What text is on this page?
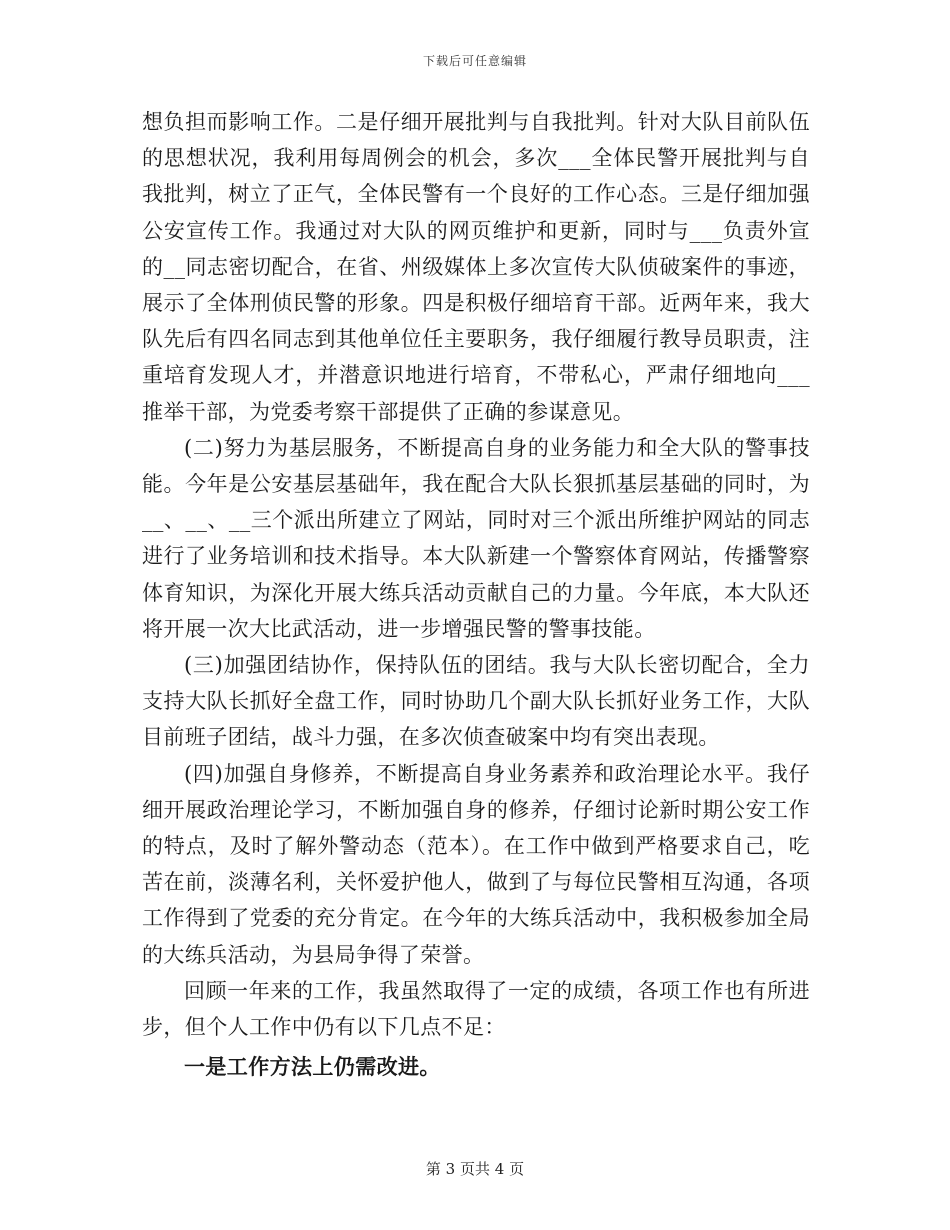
下载后可任意编辑

想负担而影响工作。二是仔细开展批判与自我批判。针对大队目前队伍的思想状况，我利用每周例会的机会，多次___全体民警开展批判与自我批判，树立了正气，全体民警有一个良好的工作心态。三是仔细加强公安宣传工作。我通过对大队的网页维护和更新，同时与___负责外宣的__同志密切配合，在省、州级媒体上多次宣传大队侦破案件的事迹，展示了全体刑侦民警的形象。四是积极仔细培育干部。近两年来，我大队先后有四名同志到其他单位任主要职务，我仔细履行教导员职责，注重培育发现人才，并潜意识地进行培育，不带私心，严肃仔细地向___推举干部，为党委考察干部提供了正确的参谋意见。

(二)努力为基层服务，不断提高自身的业务能力和全大队的警事技能。今年是公安基层基础年，我在配合大队长狠抓基层基础的同时，为__、__、__三个派出所建立了网站，同时对三个派出所维护网站的同志进行了业务培训和技术指导。本大队新建一个警察体育网站，传播警察体育知识，为深化开展大练兵活动贡献自己的力量。今年底，本大队还将开展一次大比武活动，进一步增强民警的警事技能。

(三)加强团结协作，保持队伍的团结。我与大队长密切配合，全力支持大队长抓好全盘工作，同时协助几个副大队长抓好业务工作，大队目前班子团结，战斗力强，在多次侦查破案中均有突出表现。

(四)加强自身修养，不断提高自身业务素养和政治理论水平。我仔细开展政治理论学习，不断加强自身的修养，仔细讨论新时期公安工作的特点，及时了解外警动态（范本）。在工作中做到严格要求自己，吃苦在前，淡薄名利，关怀爱护他人，做到了与每位民警相互沟通，各项工作得到了党委的充分肯定。在今年的大练兵活动中，我积极参加全局的大练兵活动，为县局争得了荣誉。

回顾一年来的工作，我虽然取得了一定的成绩，各项工作也有所进步，但个人工作中仍有以下几点不足：

一是工作方法上仍需改进。

第 3 页共 4 页
